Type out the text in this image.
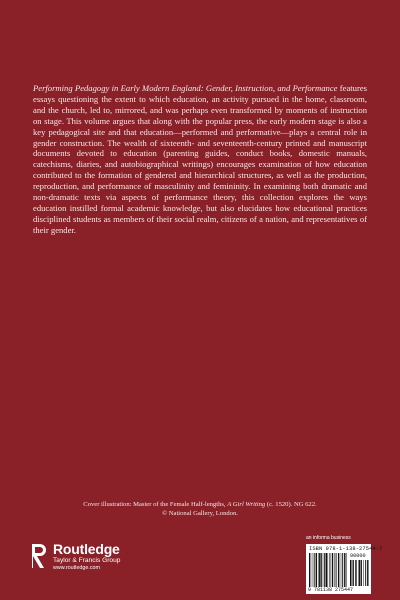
Performing Pedagogy in Early Modern England: Gender, Instruction, and Performance features essays questioning the extent to which education, an activity pursued in the home, classroom, and the church, led to, mirrored, and was perhaps even transformed by moments of instruction on stage. This volume argues that along with the popular press, the early modern stage is also a key pedagogical site and that education—performed and performative—plays a central role in gender construction. The wealth of sixteenth- and seventeenth-century printed and manuscript documents devoted to education (parenting guides, conduct books, domestic manuals, catechisms, diaries, and autobiographical writings) encourages examination of how education contributed to the formation of gendered and hierarchical structures, as well as the production, reproduction, and performance of masculinity and femininity. In examining both dramatic and non-dramatic texts via aspects of performance theory, this collection explores the ways education instilled formal academic knowledge, but also elucidates how educational practices disciplined students as members of their social realm, citizens of a nation, and representatives of their gender.

Cover illustration: Master of the Female Half-lengths, A Girl Writing (c. 1520). NG 622.
© National Gallery, London.
an informa business
ISBN 978-1-138-27544-7
90000
9 781138 275447
Routledge
Taylor & Francis Group
www.routledge.com
